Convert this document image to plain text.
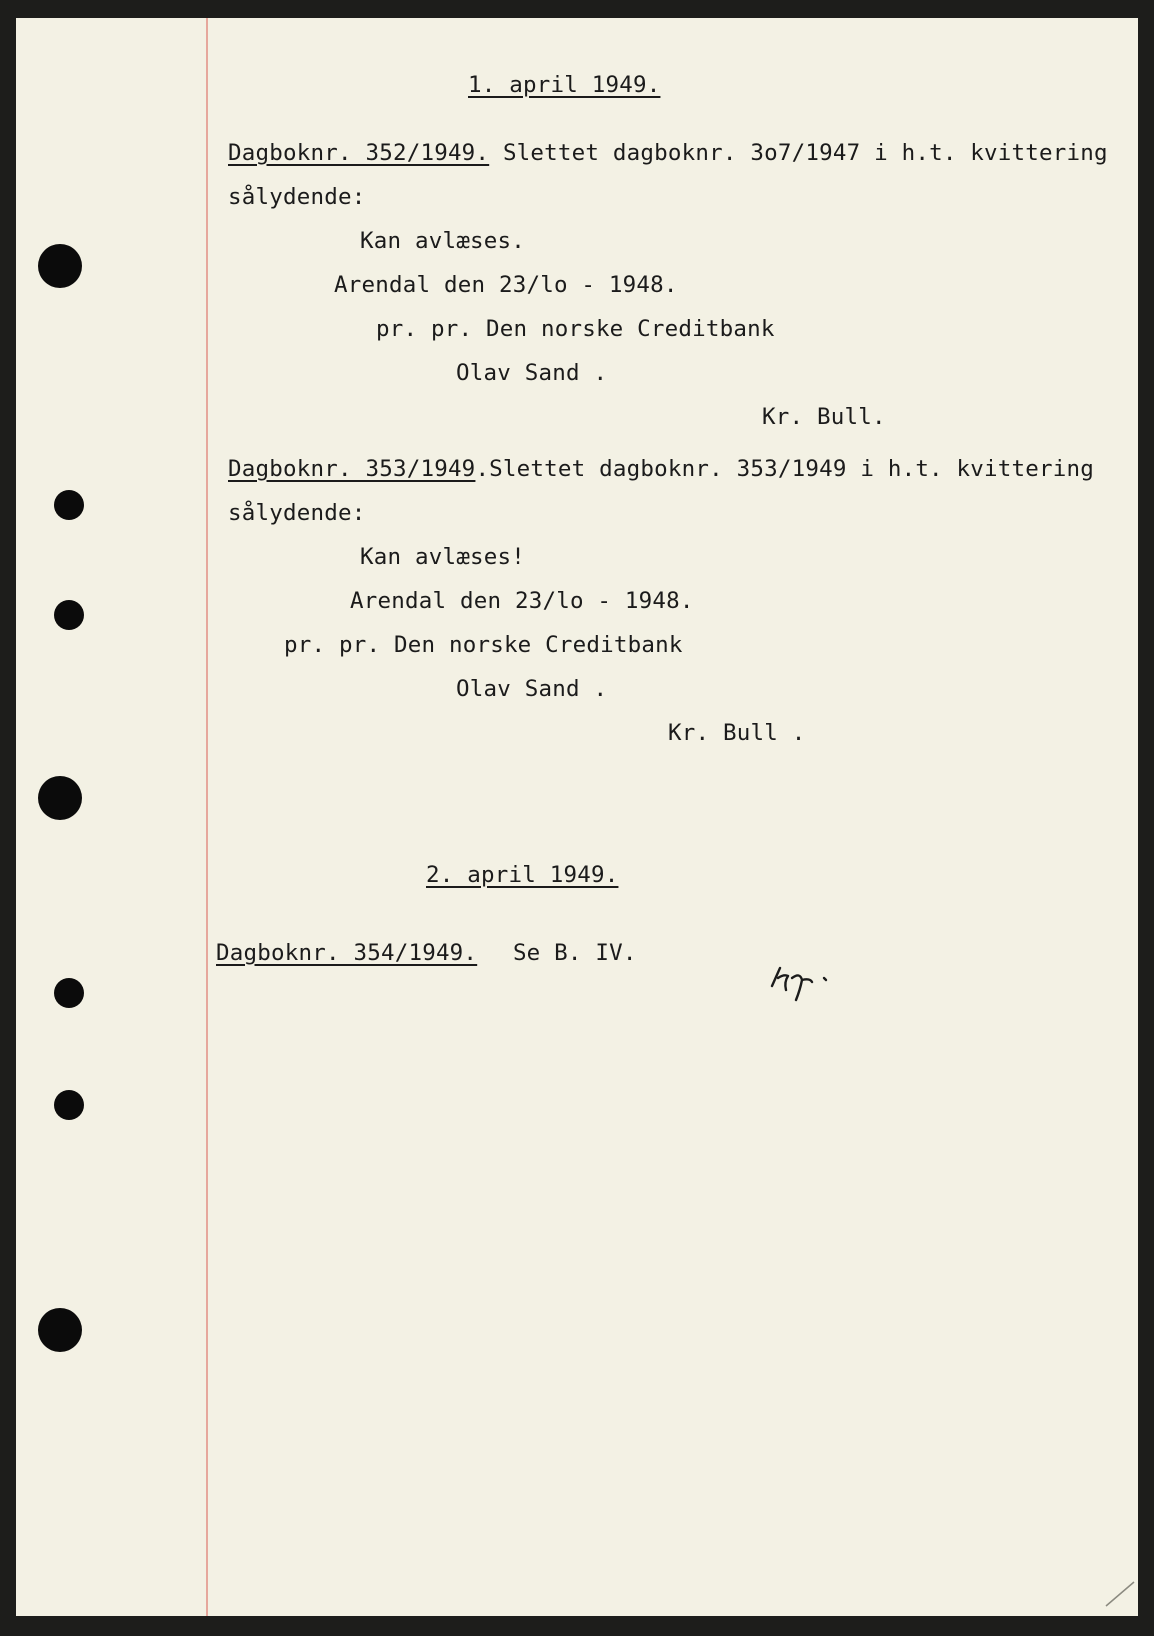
1. april 1949.
Dagboknr. 352/1949. Slettet dagboknr. 3o7/1947 i h.t. kvittering
sålydende:
Kan avlæses.
Arendal den 23/lo - 1948.
pr. pr. Den norske Creditbank
Olav Sand .
Kr. Bull.
Dagboknr. 353/1949.Slettet dagboknr. 353/1949 i h.t. kvittering
sålydende:
Kan avlæses!
Arendal den 23/lo - 1948.
pr. pr. Den norske Creditbank
Olav Sand .
Kr. Bull .
2. april 1949.
Dagboknr. 354/1949. Se B. IV.
